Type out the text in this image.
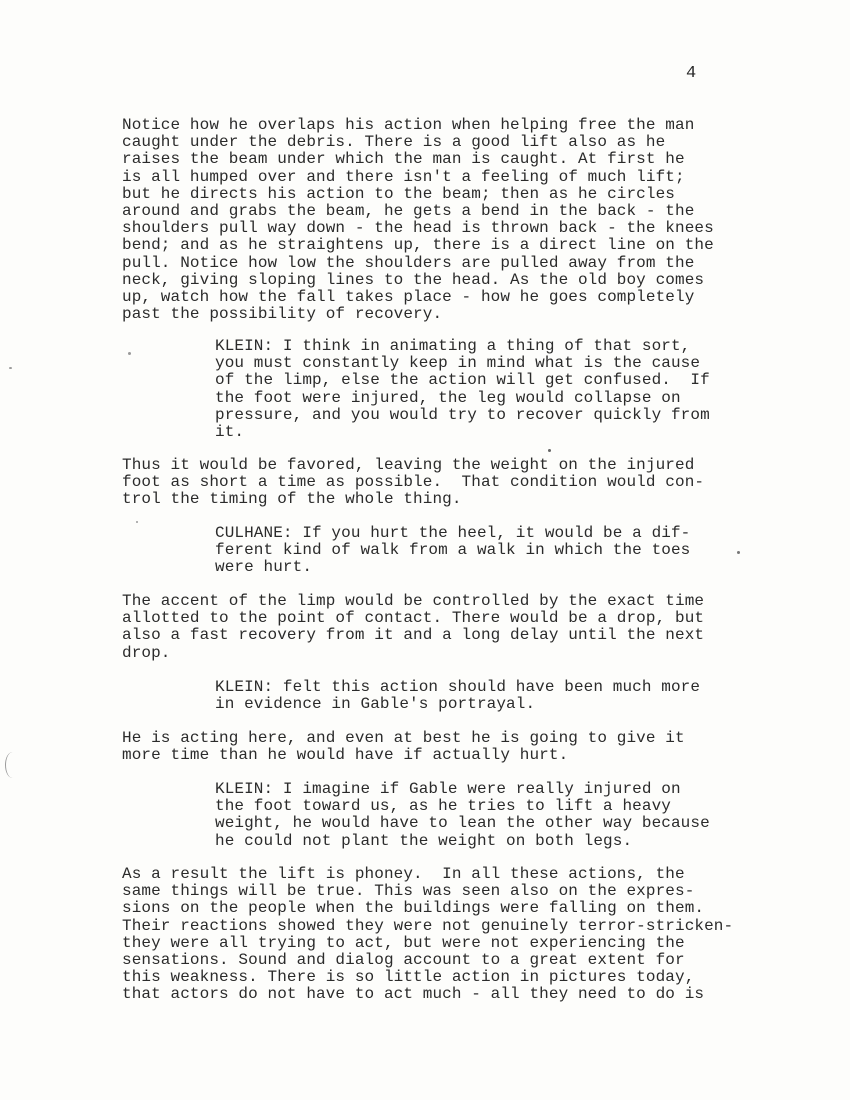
4

Notice how he overlaps his action when helping free the man
caught under the debris. There is a good lift also as he
raises the beam under which the man is caught. At first he
is all humped over and there isn't a feeling of much lift;
but he directs his action to the beam; then as he circles
around and grabs the beam, he gets a bend in the back - the
shoulders pull way down - the head is thrown back - the knees
bend; and as he straightens up, there is a direct line on the
pull. Notice how low the shoulders are pulled away from the
neck, giving sloping lines to the head. As the old boy comes
up, watch how the fall takes place - how he goes completely
past the possibility of recovery.

KLEIN: I think in animating a thing of that sort,
you must constantly keep in mind what is the cause
of the limp, else the action will get confused.  If
the foot were injured, the leg would collapse on
pressure, and you would try to recover quickly from
it.

Thus it would be favored, leaving the weight on the injured
foot as short a time as possible.  That condition would con-
trol the timing of the whole thing.

CULHANE: If you hurt the heel, it would be a dif-
ferent kind of walk from a walk in which the toes
were hurt.

The accent of the limp would be controlled by the exact time
allotted to the point of contact. There would be a drop, but
also a fast recovery from it and a long delay until the next
drop.

KLEIN: felt this action should have been much more
in evidence in Gable's portrayal.

He is acting here, and even at best he is going to give it
more time than he would have if actually hurt.

KLEIN: I imagine if Gable were really injured on
the foot toward us, as he tries to lift a heavy
weight, he would have to lean the other way because
he could not plant the weight on both legs.

As a result the lift is phoney.  In all these actions, the
same things will be true. This was seen also on the expres-
sions on the people when the buildings were falling on them.
Their reactions showed they were not genuinely terror-stricken-
they were all trying to act, but were not experiencing the
sensations. Sound and dialog account to a great extent for
this weakness. There is so little action in pictures today,
that actors do not have to act much - all they need to do is
